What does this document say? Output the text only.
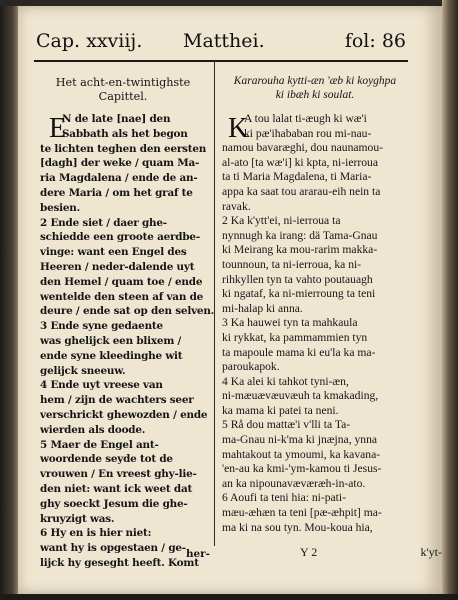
Cap. xxviij. Matthei.	fol: 86
Het acht-en-twintighste
Capittel.
E
N de late [nae] den
Sabbath als het begon
te lichten teghen den eersten
[dagh] der weke / quam Ma-
ria Magdalena / ende de an-
dere Maria / om het graf te
besien.
2 Ende siet / daer ghe-
schiedde een groote aerdbe-
vinge: want een Engel des
Heeren / neder-dalende uyt
den Hemel / quam toe / ende
wentelde den steen af van de
deure / ende sat op den selven.
3 Ende syne gedaente
was ghelijck een blixem /
ende syne kleedinghe wit
gelijck sneeuw.
4 Ende uyt vreese van
hem / zijn de wachters seer
verschrickt ghewozden / ende
wierden als doode.
5 Maer de Engel ant-
woordende seyde tot de
vrouwen / En vreest ghy-lie-
den niet: want ick weet dat
ghy soeckt Jesum die ghe-
kruyzigt was.
6 Hy en is hier niet:
want hy is opgestaen / ge-
lijck hy geseght heeft. Komt
Kararouha kytti-æn 'æb ki koyghpa
ki ibæh ki soulat.
K
A tou lalat ti-æugh ki wæ'i
ki pæ'ihababan rou mi-nau-
namou bavaræghi, dou naunamou-
al-ato [ta wæ'i] ki kpta, ni-ierroua
ta ti Maria Magdalena, ti Maria-
appa ka saat tou ararau-eih nein ta
ravak.
2 Ka k'ytt'ei, ni-ierroua ta
nynnugh ka irang: dä Tama-Gnau
ki Meirang ka mou-rarim makka-
tounnoun, ta ni-ierroua, ka ni-
rihkyllen tyn ta vahto poutauagh
ki ngataf, ka ni-mierroung ta teni
mi-halap ki anna.
3 Ka hauwei tyn ta mahkaula
ki rykkat, ka pammammien tyn
ta mapoule mama ki eu'la ka ma-
paroukapok.
4 Ka alei ki tahkot tyni-æn,
ni-mæuævæuvæuh ta kmakading,
ka mama ki patei ta neni.
5 Rå dou mattæ'i v'lli ta Ta-
ma-Gnau ni-k'ma ki jnæjna, ynna
mahtakout ta ymoumi, ka kavana-
'en-au ka kmi-'ym-kamou ti Jesus-
an ka nipounavæværæh-in-ato.
6 Aoufi ta teni hia: ni-pati-
mæu-æhæn ta teni [pæ-æhpit] ma-
ma ki na sou tyn. Mou-koua hia,
her-	Y 2	k'yt-
